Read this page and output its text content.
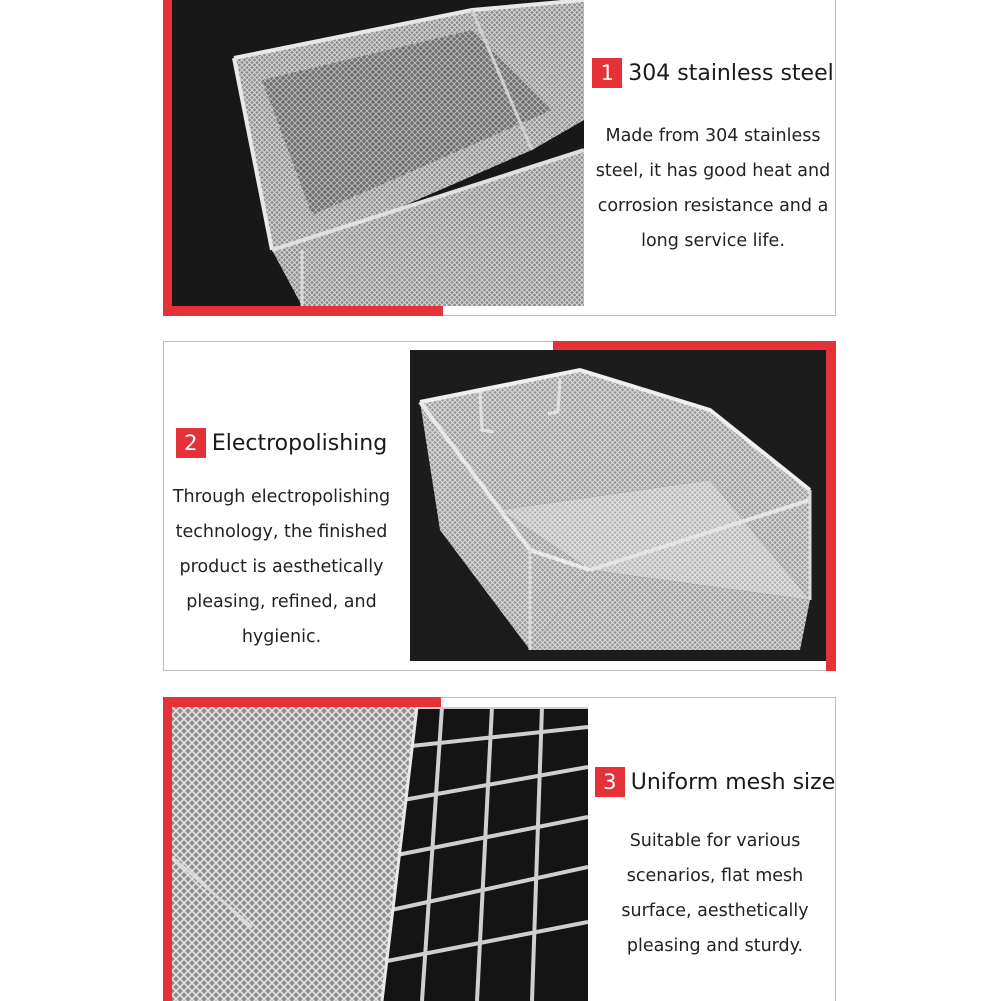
1 304 stainless steel
Made from 304 stainless
steel, it has good heat and
corrosion resistance and a
long service life.
2 Electropolishing
Through electropolishing
technology, the finished
product is aesthetically
pleasing, refined, and
hygienic.
3 Uniform mesh size
Suitable for various
scenarios, flat mesh
surface, aesthetically
pleasing and sturdy.
